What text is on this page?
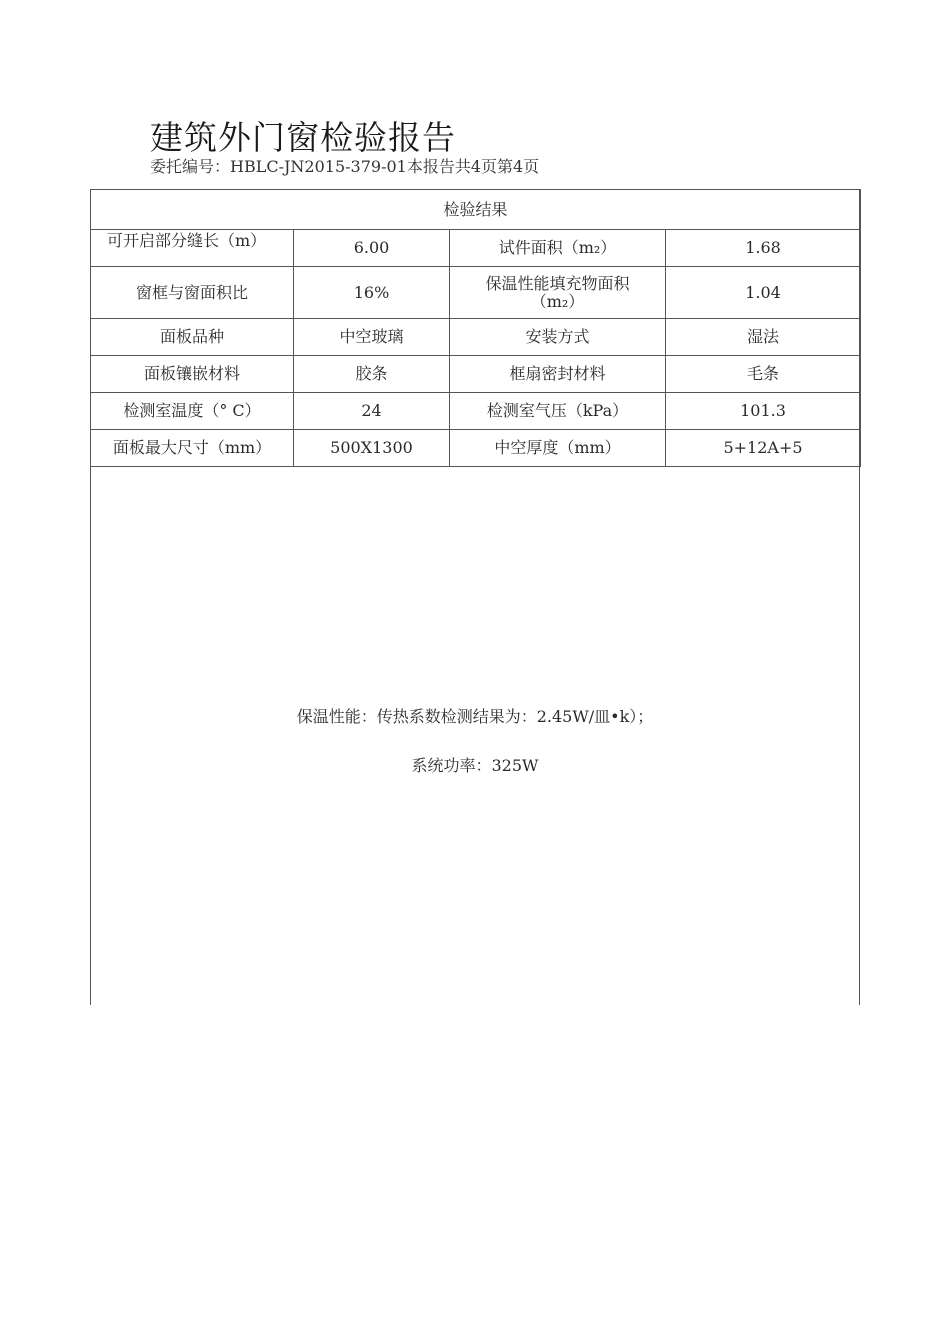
建筑外门窗检验报告
委托编号：HBLC-JN2015-379-01本报告共4页第4页
检验结果			

可开启部分缝长（m）	6.00	试件面积（m₂）	1.68
窗框与窗面积比	16%	保温性能填充物面积（m₂）	1.04
面板品种	中空玻璃	安装方式	湿法
面板镶嵌材料	胶条	框扇密封材料	毛条
检测室温度（° C）	24	检测室气压（kPa）	101.3
面板最大尺寸（mm）	500X1300	中空厚度（mm）	5+12A+5
保温性能：传热系数检测结果为：2.45W/皿•k）；
系统功率：325W
